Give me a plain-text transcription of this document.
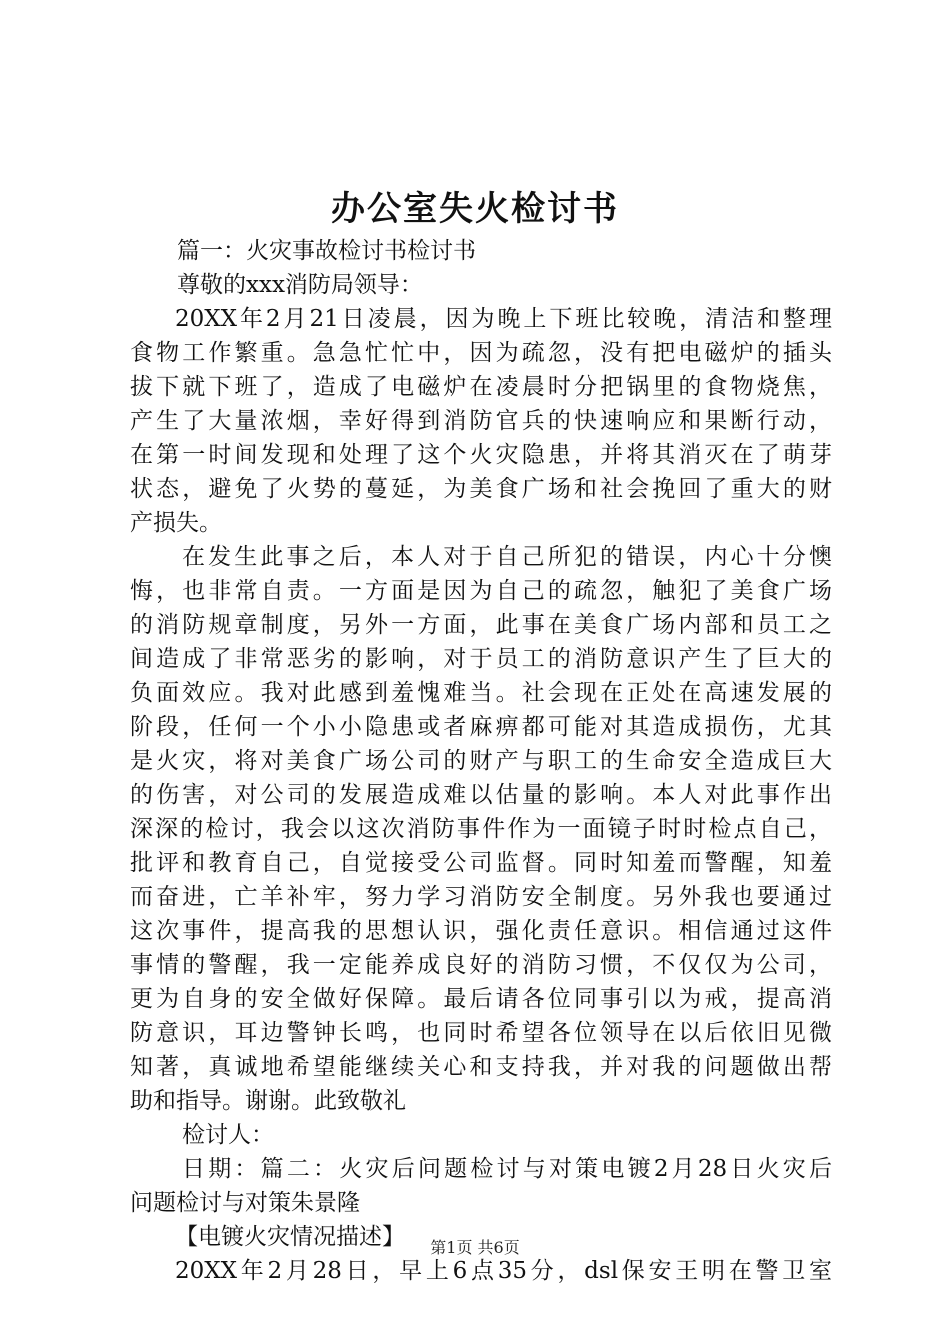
办公室失火检讨书
篇一：火灾事故检讨书检讨书
尊敬的xxx消防局领导：
20XX年2月21日凌晨，因为晚上下班比较晚，清洁和整理
食物工作繁重。急急忙忙中，因为疏忽，没有把电磁炉的插头
拔下就下班了，造成了电磁炉在凌晨时分把锅里的食物烧焦，
产生了大量浓烟，幸好得到消防官兵的快速响应和果断行动，
在第一时间发现和处理了这个火灾隐患，并将其消灭在了萌芽
状态，避免了火势的蔓延，为美食广场和社会挽回了重大的财
产损失。
在发生此事之后，本人对于自己所犯的错误，内心十分懊
悔，也非常自责。一方面是因为自己的疏忽，触犯了美食广场
的消防规章制度，另外一方面，此事在美食广场内部和员工之
间造成了非常恶劣的影响，对于员工的消防意识产生了巨大的
负面效应。我对此感到羞愧难当。社会现在正处在高速发展的
阶段，任何一个小小隐患或者麻痹都可能对其造成损伤，尤其
是火灾，将对美食广场公司的财产与职工的生命安全造成巨大
的伤害，对公司的发展造成难以估量的影响。本人对此事作出
深深的检讨，我会以这次消防事件作为一面镜子时时检点自己，
批评和教育自己，自觉接受公司监督。同时知羞而警醒，知羞
而奋进，亡羊补牢，努力学习消防安全制度。另外我也要通过
这次事件，提高我的思想认识，强化责任意识。相信通过这件
事情的警醒，我一定能养成良好的消防习惯，不仅仅为公司，
更为自身的安全做好保障。最后请各位同事引以为戒，提高消
防意识，耳边警钟长鸣，也同时希望各位领导在以后依旧见微
知著，真诚地希望能继续关心和支持我，并对我的问题做出帮
助和指导。谢谢。此致敬礼
检讨人：
日期：篇二：火灾后问题检讨与对策电镀2月28日火灾后
问题检讨与对策朱景隆
【电镀火灾情况描述】
20XX年2月28日，早上6点35分，dsl保安王明在警卫室
第1页 共6页
